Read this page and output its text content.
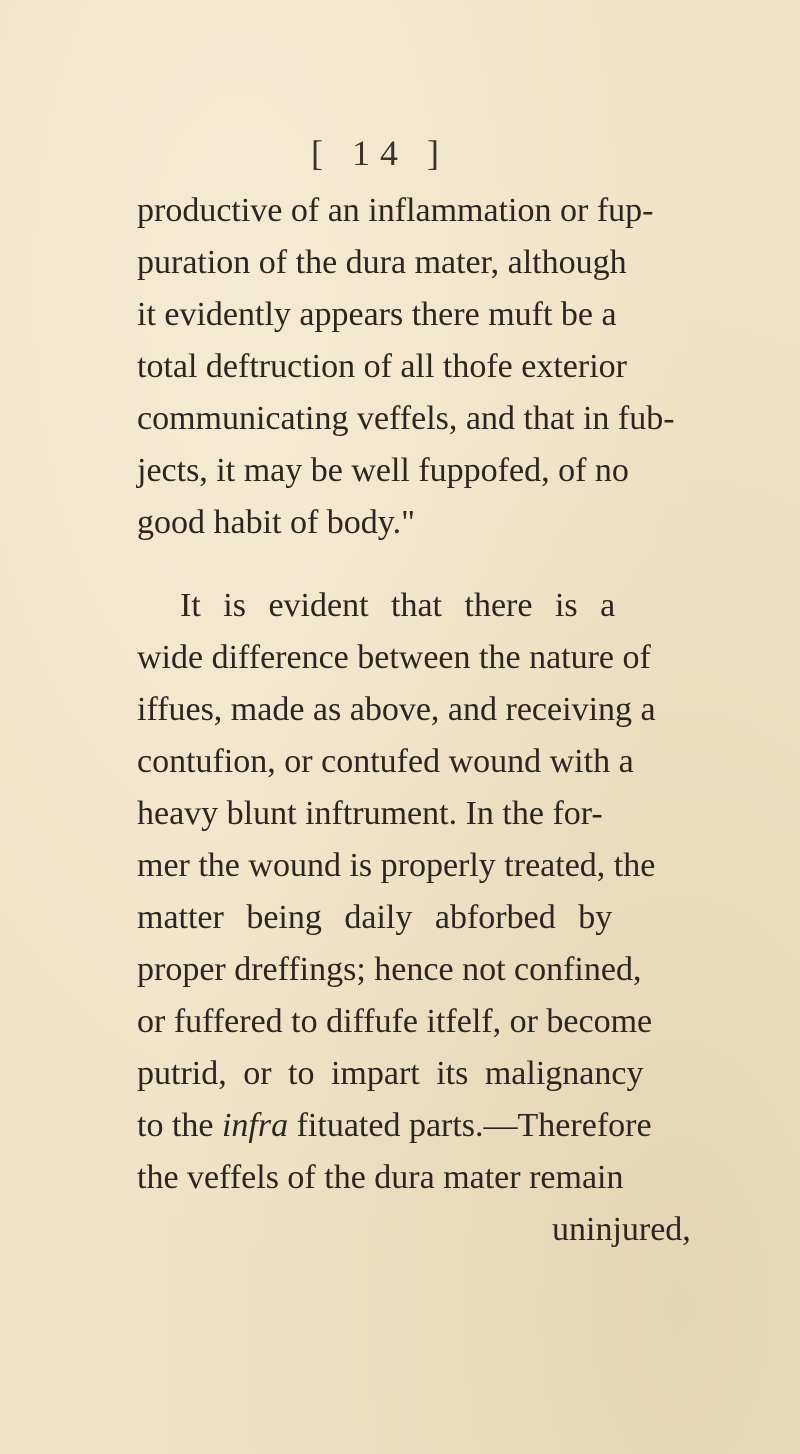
[ 14 ]
productive of an inflammation or fup-
puration of the dura mater, although
it evidently appears there muft be a
total deftruction of all thofe exterior
communicating veffels, and that in fub-
jects, it may be well fuppofed, of no
good habit of body."
It is evident that there is a
wide difference between the nature of
iffues, made as above, and receiving a
contufion, or contufed wound with a
heavy blunt inftrument. In the for-
mer the wound is properly treated, the
matter being daily abforbed by
proper dreffings; hence not confined,
or fuffered to diffufe itfelf, or become
putrid, or to impart its malignancy
to the infra fituated parts.—Therefore
the veffels of the dura mater remain
uninjured,
